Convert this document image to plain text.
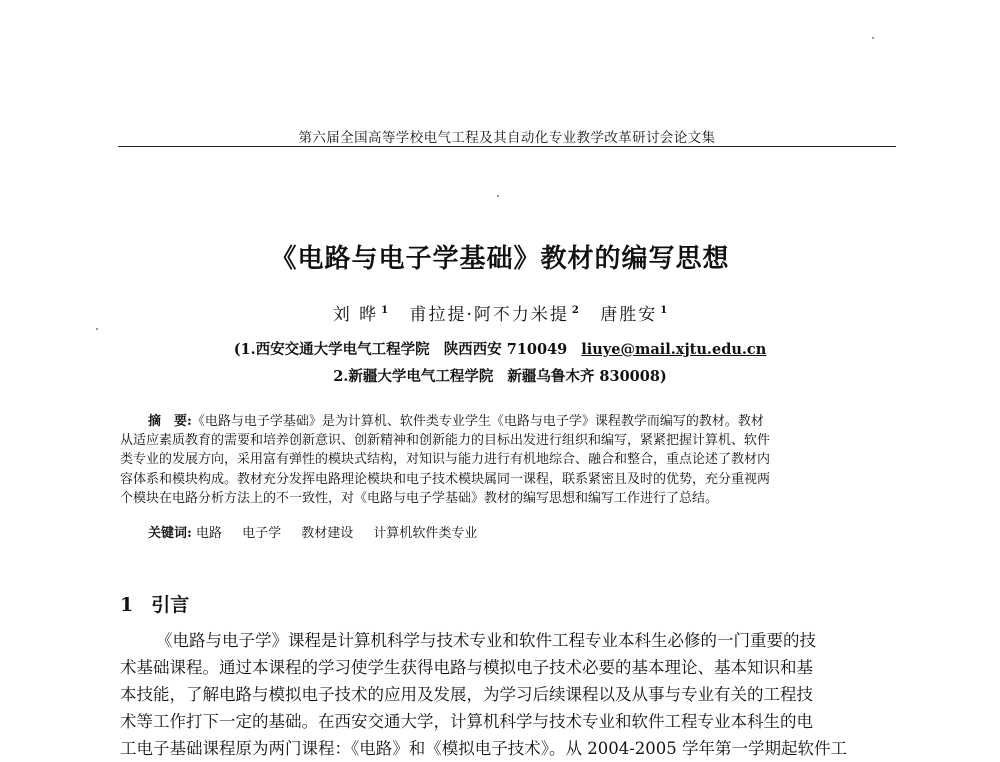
第六届全国高等学校电气工程及其自动化专业教学改革研讨会论文集
《电路与电子学基础》教材的编写思想
刘 晔 $^1$ 甫拉提·阿不力米提 $^2$ 唐胜安 $^1$
(1.西安交通大学电气工程学院 陕西西安 710049 liuye@mail.xjtu.edu.cn
2.新疆大学电气工程学院 新疆乌鲁木齐 830008)
摘　要:《电路与电子学基础》是为计算机、软件类专业学生《电路与电子学》课程教学而编写的教材。教材
从适应素质教育的需要和培养创新意识、创新精神和创新能力的目标出发进行组织和编写，紧紧把握计算机、软件
类专业的发展方向，采用富有弹性的模块式结构，对知识与能力进行有机地综合、融合和整合，重点论述了教材内
容体系和模块构成。教材充分发挥电路理论模块和电子技术模块属同一课程，联系紧密且及时的优势，充分重视两
个模块在电路分析方法上的不一致性，对《电路与电子学基础》教材的编写思想和编写工作进行了总结。
关键词: 电路 电子学 教材建设 计算机软件类专业
1 引言
《电路与电子学》课程是计算机科学与技术专业和软件工程专业本科生必修的一门重要的技
术基础课程。通过本课程的学习使学生获得电路与模拟电子技术必要的基本理论、基本知识和基
本技能，了解电路与模拟电子技术的应用及发展，为学习后续课程以及从事与专业有关的工程技
术等工作打下一定的基础。在西安交通大学，计算机科学与技术专业和软件工程专业本科生的电
工电子基础课程原为两门课程：《电路》和《模拟电子技术》。从 2004-2005 学年第一学期起软件工
